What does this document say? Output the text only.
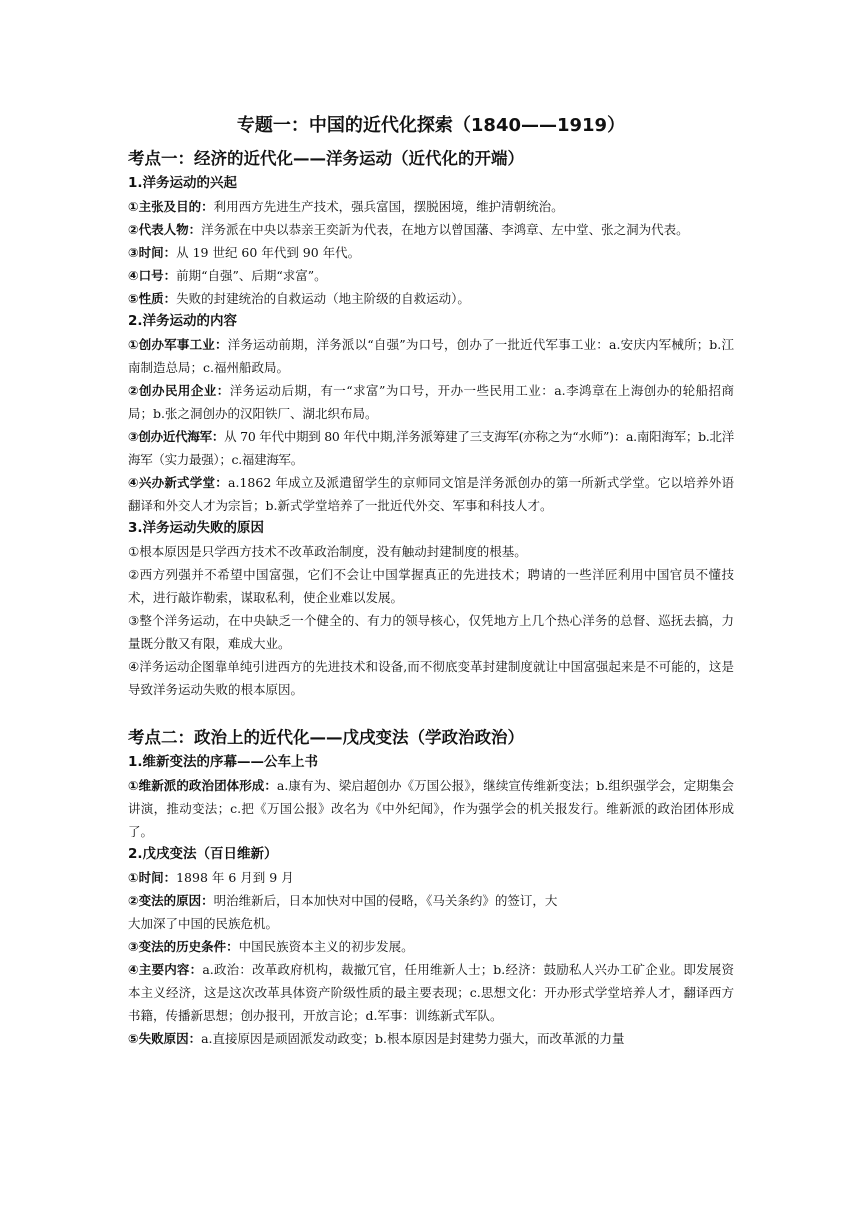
专题一：中国的近代化探索（1840——1919）
考点一：经济的近代化——洋务运动（近代化的开端）
1.洋务运动的兴起
①主张及目的：利用西方先进生产技术，强兵富国，摆脱困境，维护清朝统治。
②代表人物：洋务派在中央以恭亲王奕訢为代表，在地方以曾国藩、李鸿章、左中堂、张之洞为代表。
③时间：从 19 世纪 60 年代到 90 年代。
④口号：前期“自强”、后期“求富”。
⑤性质：失败的封建统治的自救运动（地主阶级的自救运动）。
2.洋务运动的内容
①创办军事工业：洋务运动前期，洋务派以“自强”为口号，创办了一批近代军事工业：a.安庆内军械所；b.江南制造总局；c.福州船政局。
②创办民用企业：洋务运动后期，有一“求富”为口号，开办一些民用工业：a.李鸿章在上海创办的轮船招商局；b.张之洞创办的汉阳铁厂、湖北织布局。
③创办近代海军：从 70 年代中期到 80 年代中期,洋务派筹建了三支海军(亦称之为“水师”)：a.南阳海军；b.北洋海军（实力最强）；c.福建海军。
④兴办新式学堂：a.1862 年成立及派遣留学生的京师同文馆是洋务派创办的第一所新式学堂。它以培养外语翻译和外交人才为宗旨；b.新式学堂培养了一批近代外交、军事和科技人才。
3.洋务运动失败的原因
①根本原因是只学西方技术不改革政治制度，没有触动封建制度的根基。
②西方列强并不希望中国富强，它们不会让中国掌握真正的先进技术；聘请的一些洋匠利用中国官员不懂技术，进行敲诈勒索，谋取私利，使企业难以发展。
③整个洋务运动，在中央缺乏一个健全的、有力的领导核心，仅凭地方上几个热心洋务的总督、巡抚去搞，力量既分散又有限，难成大业。
④洋务运动企图靠单纯引进西方的先进技术和设备,而不彻底变革封建制度就让中国富强起来是不可能的，这是导致洋务运动失败的根本原因。
考点二：政治上的近代化——戊戌变法（学政治政治）
1.维新变法的序幕——公车上书
①维新派的政治团体形成：a.康有为、梁启超创办《万国公报》，继续宣传维新变法；b.组织强学会，定期集会讲演，推动变法；c.把《万国公报》改名为《中外纪闻》，作为强学会的机关报发行。维新派的政治团体形成了。
2.戊戌变法（百日维新）
①时间：1898 年 6 月到 9 月
②变法的原因：明治维新后，日本加快对中国的侵略，《马关条约》的签订，大
大加深了中国的民族危机。
③变法的历史条件：中国民族资本主义的初步发展。
④主要内容：a.政治：改革政府机构，裁撤冗官，任用维新人士；b.经济：鼓励私人兴办工矿企业。即发展资本主义经济，这是这次改革具体资产阶级性质的最主要表现；c.思想文化：开办形式学堂培养人才，翻译西方书籍，传播新思想；创办报刊，开放言论；d.军事：训练新式军队。
⑤失败原因：a.直接原因是顽固派发动政变；b.根本原因是封建势力强大，而改革派的力量
